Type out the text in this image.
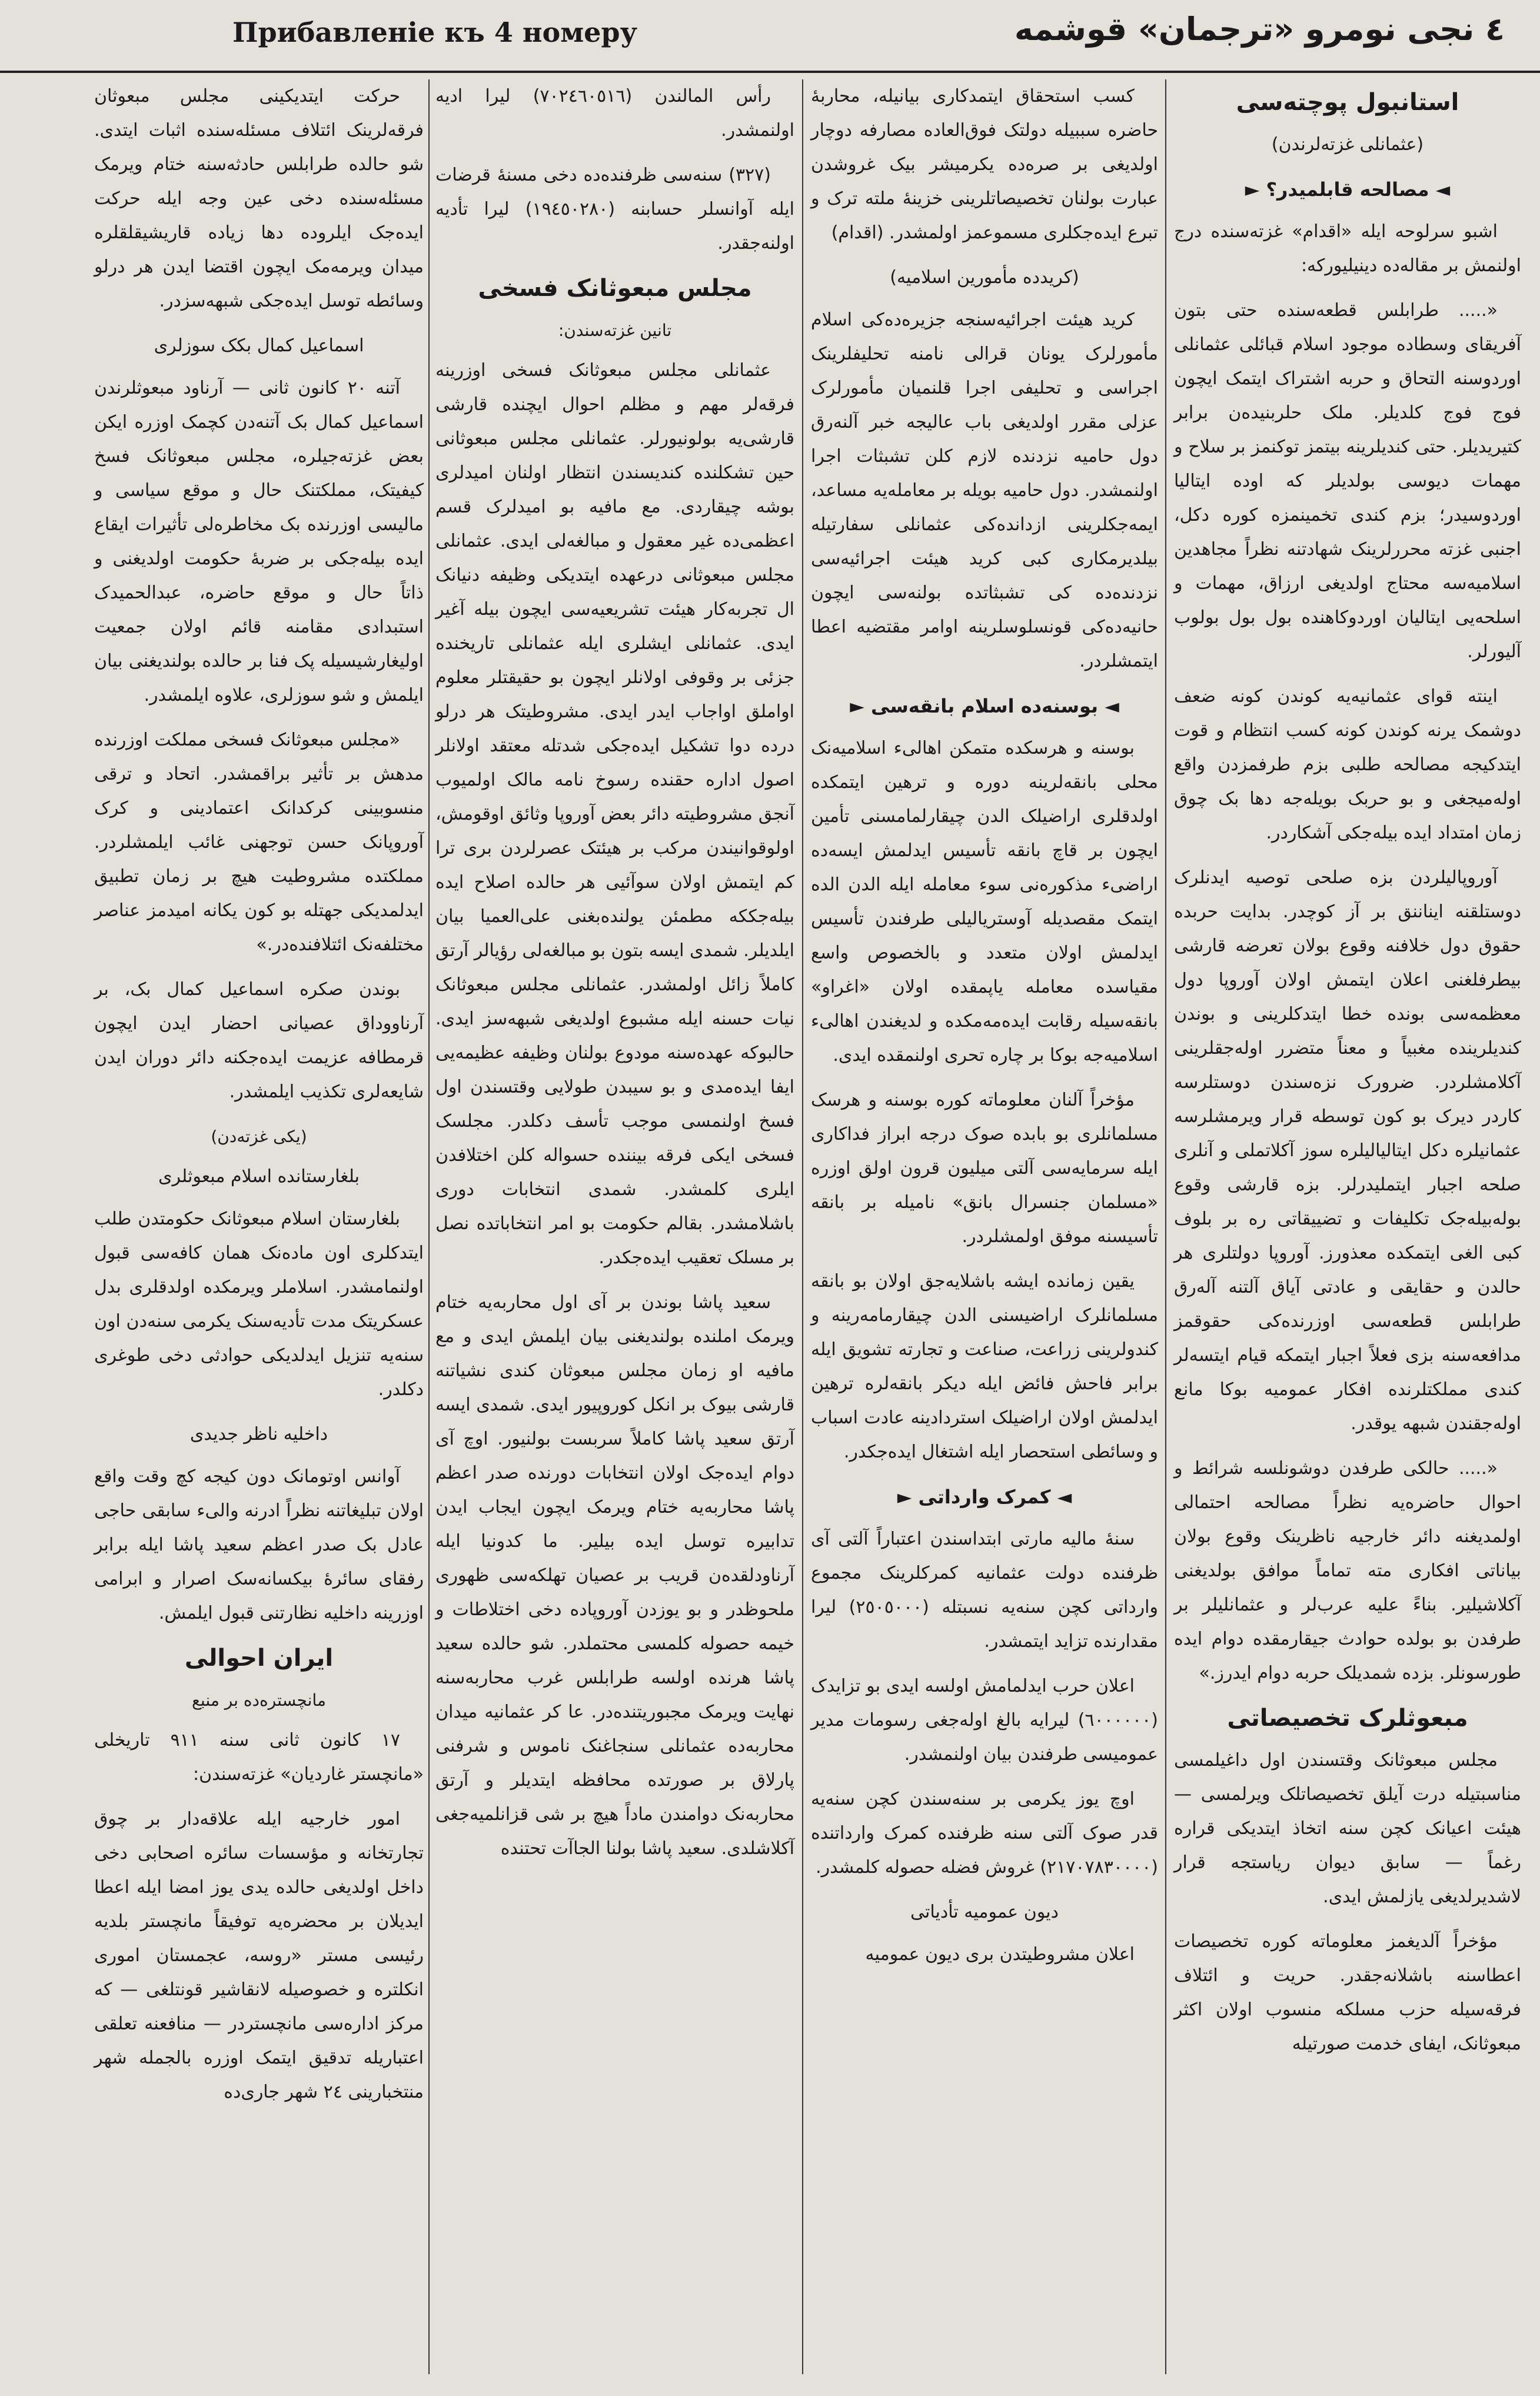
Прибавленіе къ 4 номеру	٤ نجی نومرو «ترجمان» قوشمه
استانبول پوچته‌سی
(عثمانلی غزته‌لرندن)
◄ مصالحه قابلمیدر؟ ►

اشبو سرلوحه ایله «اقدام» غزته‌سنده درج اولنمش بر مقاله‌ده دینیلیورکه:

«..... طرابلس قطعه‌سنده حتی بتون آفریقای وسطاده موجود اسلام قبائلی عثمانلی اوردوسنه التحاق و حربه اشتراک ایتمک ایچون فوج فوج کلدیلر. ملک حلربنیده‌ن برابر کتیریدیلر. حتی کندیلرینه بیتمز توکنمز بر سلاح و مهمات دیوسی بولدیلر که اوده ایتالیا اوردوسیدر؛ بزم کندی تخمینمزه کوره دکل، اجنبی غزته محررلرینک شهادتنه نظراً مجاهدین اسلامیه‌سه محتاج اولدیغی ارزاق، مهمات و اسلحه‌یی ایتالیان اوردوکاهنده بول بول بولوب آلیورلر.

اینته قوای عثمانیه‌یه کوندن کونه ضعف دوشمک یرنه کوندن کونه کسب انتظام و قوت ایتدکیجه مصالحه طلبی بزم طرفمزدن واقع اوله‌میجغی و بو حربک بویله‌جه دها بک چوق زمان امتداد ایده بیله‌جکی آشکاردر.

آوروپالیلردن بزه صلحی توصیه ایدنلرک دوستلقنه ایناننق بر آز کوچدر. بدایت حربده حقوق دول خلافنه وقوع بولان تعرضه قارشی بیطرفلغنی اعلان ایتمش اولان آوروپا دول معظمه‌سی بونده خطا ایتدکلرینی و بوندن کندیلرینده مغبیاً و معناً متضرر اوله‌جقلرینی آکلامشلردر. ضرورک نزه‌سندن دوستلرسه کاردر دیرک بو کون توسطه قرار ویرمشلرسه عثمانیلره دکل ایتالیالیلره سوز آکلاتملی و آنلری صلحه اجبار ایتملیدرلر. بزه قارشی وقوع بوله‌بیله‌جک تکلیفات و تضییقاتی ره بر بلوف کبی الغی ایتمکده معذورز. آوروپا دولتلری هر حالدن و حقایقی و عادتی آیاق آلتنه آلەرق طرابلس قطعه‌سی اوزرنده‌کی حقوقمز مدافعه‌سنه بزی فعلاً اجبار ایتمکه قیام ایتسه‌لر کندی مملکتلرنده افکار عمومیه بوکا مانع اوله‌جقندن شبهه یوقدر.

«..... حالکی طرفدن دوشونلسه شرائط و احوال حاضره‌یه نظراً مصالحه احتمالی اولمدیغنه دائر خارجیه ناظرینک وقوع بولان بیاناتی افکاری مته تماماً موافق بولدیغنی آکلاشیلیر. بناءً علیه عرب‌لر و عثمانلیلر بر طرفدن بو بولده حوادث جیقارمقده دوام ایده طورسونلر. بزده شمدیلک حربه دوام ایدرز.»

مبعوثلرک تخصیصاتی

مجلس مبعوثانک وقتسندن اول داغیلمسی مناسبتیله درت آیلق تخصیصاتلک ویرلمسی — هیئت اعیانک کچن سنه اتخاذ ایتدیکی قراره رغماً — سابق دیوان ریاستجه قرار لاشدیرلدیغی یازلمش ایدی.

مؤخراً آلدیغمز معلوماته کوره تخصیصات اعطاسنه باشلانه‌جقدر. حریت و ائتلاف فرقه‌سیله حزب مسلکه منسوب اولان اکثر مبعوثانک، ایفای خدمت صورتیله

کسب استحقاق ایتمدکاری بیانیله، محاربهٔ حاضره سببیله دولتک فوق‌العاده مصارفه دوچار اولدیغی بر صره‌ده یکرمیشر بیک غروشدن عبارت بولنان تخصیصاتلرینی خزینهٔ ملته ترک و تبرع ایده‌جکلری مسموعمز اولمشدر. (اقدام)

(کریدده مأمورین اسلامیه)

کرید هیئت اجرائیه‌سنجه جزیره‌ده‌کی اسلام مأمورلرک یونان قرالی نامنه تحلیفلرینک اجراسی و تحلیفی اجرا قلنمیان مأمورلرک عزلی مقرر اولدیغی باب عالیجه خبر آلنه‌رق دول حامیه نزدنده لازم کلن تشبثات اجرا اولنمشدر. دول حامیه بویله بر معامله‌یه مساعد، ایمه‌جکلرینی ازدانده‌کی عثمانلی سفارتیله بیلدیرمکاری کبی کرید هیئت اجرائیه‌سی نزدنده‌ده کی تشبثاتده بولنه‌سی ایچون حانیه‌ده‌کی قونسلوسلرینه اوامر مقتضیه اعطا ایتمشلردر.

◄ بوسنه‌ده اسلام بانقه‌سی ►

بوسنه و هرسکده متمکن اهالیء اسلامیه‌نک محلی بانقه‌لرینه دوره و ترهین ایتمکده اولدقلری اراضیلک الدن چیقارلمامسنی تأمین ایچون بر قاچ بانقه تأسیس ایدلمش ایسه‌ده اراضیء مذکوره‌نی سوء معامله ایله الدن الده ایتمک مقصدیله آوستریالیلی طرفندن تأسیس ایدلمش اولان متعدد و بالخصوص واسع مقیاسده معامله یاپمقده اولان «اغراو» بانقه‌سیله رقابت ایده‌مه‌مکده و لدیغندن اهالیء اسلامیه‌جه بوکا بر چاره تحری اولنمقده ایدی.

مؤخراً آلنان معلوماته کوره بوسنه و هرسک مسلمانلری بو بابده صوک درجه ابراز فداکاری ایله سرمایه‌سی آلتی میلیون قرون اولق اوزره «مسلمان جنسرال بانق» نامیله بر بانقه تأسیسنه موفق اولمشلردر.

یقین زمانده ایشه باشلایه‌جق اولان بو بانقه مسلمانلرک اراضیسنی الدن چیقارمامه‌رینه و کندولرینی زراعت، صناعت و تجارته تشویق ایله برابر فاحش فائض ایله دیکر بانقه‌لره ترهین ایدلمش اولان اراضیلک استردادینه عادت اسباب و وسائطی استحصار ایله اشتغال ایده‌جکدر.

◄ کمرک وارداتی ►

سنهٔ مالیه مارتی ابتداسندن اعتباراً آلتی آی ظرفنده دولت عثمانیه کمرکلرینک مجموع وارداتی کچن سنه‌یه نسبتله (٢٥٠٥٠٠٠) لیرا مقدارنده تزاید ایتمشدر.

اعلان حرب ایدلمامش اولسه ایدی بو تزایدک (٦٠٠٠٠٠٠) لیرایه بالغ اوله‌جغی رسومات مدیر عمومیسی طرفندن بیان اولنمشدر.

اوچ یوز یکرمی بر سنه‌سندن کچن سنه‌یه قدر صوک آلتی سنه ظرفنده کمرک وارداتنده (٢١٧٠٧٨٣٠٠٠٠) غروش فضله حصوله کلمشدر.

دیون عمومیه تأدیاتی

اعلان مشروطیتدن بری دیون عمومیه

رأس المالندن (٧٠٢٤٦٠٥١٦) لیرا ادیه اولنمشدر.

(٣٢٧) سنه‌سی ظرفنده‌ده دخی مسنهٔ قرضات ایله آوانسلر حسابنه (١٩٤٥٠٢٨٠) لیرا تأدیه اولنه‌جقدر.

مجلس مبعوثانک فسخی
تانین غزته‌سندن:

عثمانلی مجلس مبعوثانک فسخی اوزرینه فرقه‌لر مهم و مظلم احوال ایچنده قارشی قارشی‌یه بولونیورلر. عثمانلی مجلس مبعوثانی حین تشکلنده کندیسندن انتظار اولنان امیدلری بوشه چیقاردی. مع مافیه بو امیدلرک قسم اعظمی‌ده غیر معقول و مبالغه‌لی ایدی. عثمانلی مجلس مبعوثانی درعهده ایتدیکی وظیفه دنیانک ال تجربه‌کار هیئت تشریعیه‌سی ایچون بیله آغیر ایدی. عثمانلی ایشلری ایله عثمانلی تاریخنده جزئی بر وقوفی اولانلر ایچون بو حقیقتلر معلوم اواملق اواجاب ایدر ایدی. مشروطیتک هر درلو درده دوا تشکیل ایده‌جکی شدتله معتقد اولانلر اصول اداره حقنده رسوخ نامه مالک اولمیوب آنجق مشروطیته دائر بعض آوروپا وثائق اوقومش، اولوقوانیندن مرکب بر هیئتک عصرلردن بری ترا کم ایتمش اولان سوآئیی هر حالده اصلاح ایده بیله‌جککه مطمئن یولنده‌بغنی علی‌العمیا بیان ایلدیلر. شمدی ایسه بتون بو مبالغه‌لی رؤیالر آرتق کاملاً زائل اولمشدر. عثمانلی مجلس مبعوثانک نیات حسنه ایله مشبوع اولدیغی شبهه‌سز ایدی. حالبوکه عهده‌سنه مودوع بولنان وظیفه عظیمه‌یی ایفا ایده‌مدی و بو سیبدن طولایی وقتسندن اول فسخ اولنمسی موجب تأسف دکلدر. مجلسک فسخی ایکی فرقه بیننده حسواله کلن اختلافدن ایلری کلمشدر. شمدی انتخابات دوری باشلامشدر. بقالم حکومت بو امر انتخاباتده نصل بر مسلک تعقیب ایده‌جکدر.

سعید پاشا بوندن بر آی اول محاربه‌یه ختام ویرمک املنده بولندیغنی بیان ایلمش ایدی و مع مافیه او زمان مجلس مبعوثان کندی نشیاتنه قارشی بیوک بر انکل کوروپیور ایدی. شمدی ایسه آرتق سعید پاشا کاملاً سربست بولنیور. اوچ آی دوام ایده‌جک اولان انتخابات دورنده صدر اعظم پاشا محاربه‌یه ختام ویرمک ایچون ایجاب ایدن تدابیره توسل ایده بیلیر. ما کدونیا ایله آرناودلقده‌ن قریب بر عصیان تهلکه‌سی ظهوری ملحوظدر و بو یوزدن آوروپاده دخی اختلاطات و خیمه حصوله کلمسی محتملدر. شو حالده سعید پاشا هرنده اولسه طرابلس غرب محاربه‌سنه نهایت ویرمک مجبوریتنده‌در. عا کر عثمانیه میدان محاربه‌ده عثمانلی سنجاغنک ناموس و شرفنی پارلاق بر صورتده محافظه ایتدیلر و آرتق محاربه‌نک دوامندن ماداً هیچ بر شی قزانلمیه‌جغی آکلاشلدی. سعید پاشا بولنا الجاآت تحتنده

حرکت ایتدیکینی مجلس مبعوثان فرقه‌لرینک ائتلاف مسئله‌سنده اثبات ایتدی. شو حالده طرابلس حادثه‌سنه ختام ویرمک مسئله‌سنده دخی عین وجه ایله حرکت ایده‌جک ایلروده دها زیاده قاریشیقلقلره میدان ویرمه‌مک ایچون اقتضا ایدن هر درلو وسائطه توسل ایده‌جکی شبهه‌سزدر.

اسماعیل کمال بکک سوزلری

آتنه ٢٠ کانون ثانی — آرناود مبعوثلرندن اسماعیل کمال بک آتنه‌دن کچمک اوزره ایکن بعض غزته‌جیلره، مجلس مبعوثانک فسخ کیفیتک، مملکتنک حال و موقع سیاسی و مالیسی اوزرنده بک مخاطره‌لی تأثیرات ایقاع ایده بیله‌جکی بر ضربهٔ حکومت اولدیغنی و ذاتاً حال و موقع حاضره، عبدالحمیدک استبدادی مقامنه قائم اولان جمعیت اولیغارشیسیله پک فنا بر حالده بولندیغنی بیان ایلمش و شو سوزلری، علاوه ایلمشدر.

«مجلس مبعوثانک فسخی مملکت اوزرنده مدهش بر تأثیر براقمشدر. اتحاد و ترقی منسوبینی کرکدانک اعتمادینی و کرک آوروپانک حسن توجهنی غائب ایلمشلردر. مملکتده مشروطیت هیچ بر زمان تطبیق ایدلمدیکی جهتله بو کون یکانه امیدمز عناصر مختلفه‌نک ائتلافنده‌در.»

بوندن صکره اسماعیل کمال بک، بر آرناووداق عصیانی احضار ایدن ایچون قرمطافه عزیمت ایده‌جکنه دائر دوران ایدن شایعه‌لری تکذیب ایلمشدر.

(یکی غزته‌دن)
بلغارستانده اسلام مبعوثلری

بلغارستان اسلام مبعوثانک حکومتدن طلب ایتدکلری اون ماده‌نک همان کافه‌سی قبول اولنمامشدر. اسلاملر ویرمکده اولدقلری بدل عسکریتک مدت تأدیه‌سنک یکرمی سنه‌دن اون سنه‌یه تنزیل ایدلدیکی حوادثی دخی طوغری دکلدر.

داخلیه ناظر جدیدی

آوانس اوتومانک دون کیجه کچ وقت واقع اولان تبلیغاتنه نظراً ادرنه والیء سابقی حاجی عادل بک صدر اعظم سعید پاشا ایله برابر رفقای سائرهٔ بیکسانه‌سک اصرار و ابرامی اوزرینه داخلیه نظارتنی قبول ایلمش.

ایران احوالی
مانچستره‌ده بر منبع

١٧ کانون ثانی سنه ٩١١ تاریخلی «مانچستر غاردیان» غزته‌سندن:

امور خارجیه ایله علاقه‌دار بر چوق تجارتخانه و مؤسسات سائره اصحابی دخی داخل اولدیغی حالده یدی یوز امضا ایله اعطا ایدیلان بر محضرەیه توفیقاً مانچستر بلدیه رئیسی مستر «روسه، عجمستان اموری انکلتره و خصوصیله لانقاشیر قونتلغی — که مرکز اداره‌سی مانچستردر — منافعنه تعلقی اعتباریله تدقیق ایتمک اوزره بالجمله شهر منتخبارینی ٢٤ شهر جاری‌ده
